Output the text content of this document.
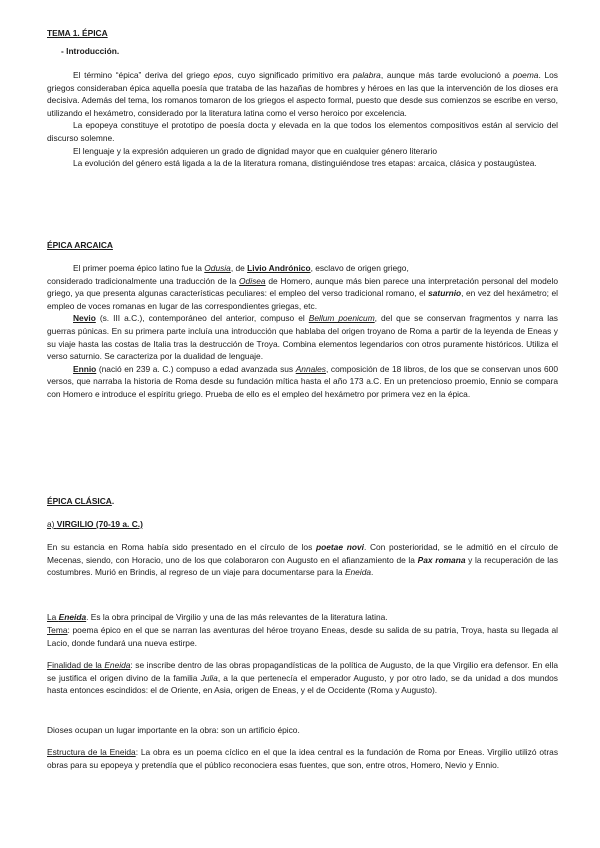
TEMA 1. ÉPICA

- Introducción.

El término “épica” deriva del griego epos, cuyo significado primitivo era palabra, aunque más tarde evolucionó a poema. Los griegos consideraban épica aquella poesía que trataba de las hazañas de hombres y héroes en las que la intervención de los dioses era decisiva. Además del tema, los romanos tomaron de los griegos el aspecto formal, puesto que desde sus comienzos se escribe en verso, utilizando el hexámetro, considerado por la literatura latina como el verso heroico por excelencia.

La epopeya constituye el prototipo de poesía docta y elevada en la que todos los elementos compositivos están al servicio del discurso solemne.

El lenguaje y la expresión adquieren un grado de dignidad mayor que en cualquier género literario

La evolución del género está ligada a la de la literatura romana, distinguiéndose tres etapas: arcaica, clásica y postaugústea.

ÉPICA ARCAICA

El primer poema épico latino fue la Odusia, de Livio Andrónico, esclavo de origen griego,

considerado tradicionalmente una traducción de la Odisea de Homero, aunque más bien parece una interpretación personal del modelo griego, ya que presenta algunas características peculiares: el empleo del verso tradicional romano, el saturnio, en vez del hexámetro; el empleo de voces romanas en lugar de las correspondientes griegas, etc.

Nevio (s. III a.C.), contemporáneo del anterior, compuso el Bellum poenicum, del que se conservan fragmentos y narra las guerras púnicas. En su primera parte incluía una introducción que hablaba del origen troyano de Roma a partir de la leyenda de Eneas y su viaje hasta las costas de Italia tras la destrucción de Troya. Combina elementos legendarios con otros puramente históricos. Utiliza el verso saturnio. Se caracteriza por la dualidad de lenguaje.

Ennio (nació en 239 a. C.) compuso a edad avanzada sus Annales, composición de 18 libros, de los que se conservan unos 600 versos, que narraba la historia de Roma desde su fundación mítica hasta el año 173 a.C. En un pretencioso proemio, Ennio se compara con Homero e introduce el espíritu griego. Prueba de ello es el empleo del hexámetro por primera vez en la épica.

ÉPICA CLÁSICA.

a) VIRGILIO (70-19 a. C.)

En su estancia en Roma había sido presentado en el círculo de los poetae novi. Con posterioridad, se le admitió en el círculo de Mecenas, siendo, con Horacio, uno de los que colaboraron con Augusto en el afianzamiento de la Pax romana y la recuperación de las costumbres. Murió en Brindis, al regreso de un viaje para documentarse para la Eneida.

La Eneida. Es la obra principal de Virgilio y una de las más relevantes de la literatura latina.

Tema: poema épico en el que se narran las aventuras del héroe troyano Eneas, desde su salida de su patria, Troya, hasta su llegada al Lacio, donde fundará una nueva estirpe.

Finalidad de la Eneida: se inscribe dentro de las obras propagandísticas de la política de Augusto, de la que Virgilio era defensor. En ella se justifica el origen divino de la familia Julia, a la que pertenecía el emperador Augusto, y por otro lado, se da unidad a dos mundos hasta entonces escindidos: el de Oriente, en Asia, origen de Eneas, y el de Occidente (Roma y Augusto).

Dioses ocupan un lugar importante en la obra: son un artificio épico.

Estructura de la Eneida: La obra es un poema cíclico en el que la idea central es la fundación de Roma por Eneas. Virgilio utilizó otras obras para su epopeya y pretendía que el público reconociera esas fuentes, que son, entre otros, Homero, Nevio y Ennio.
